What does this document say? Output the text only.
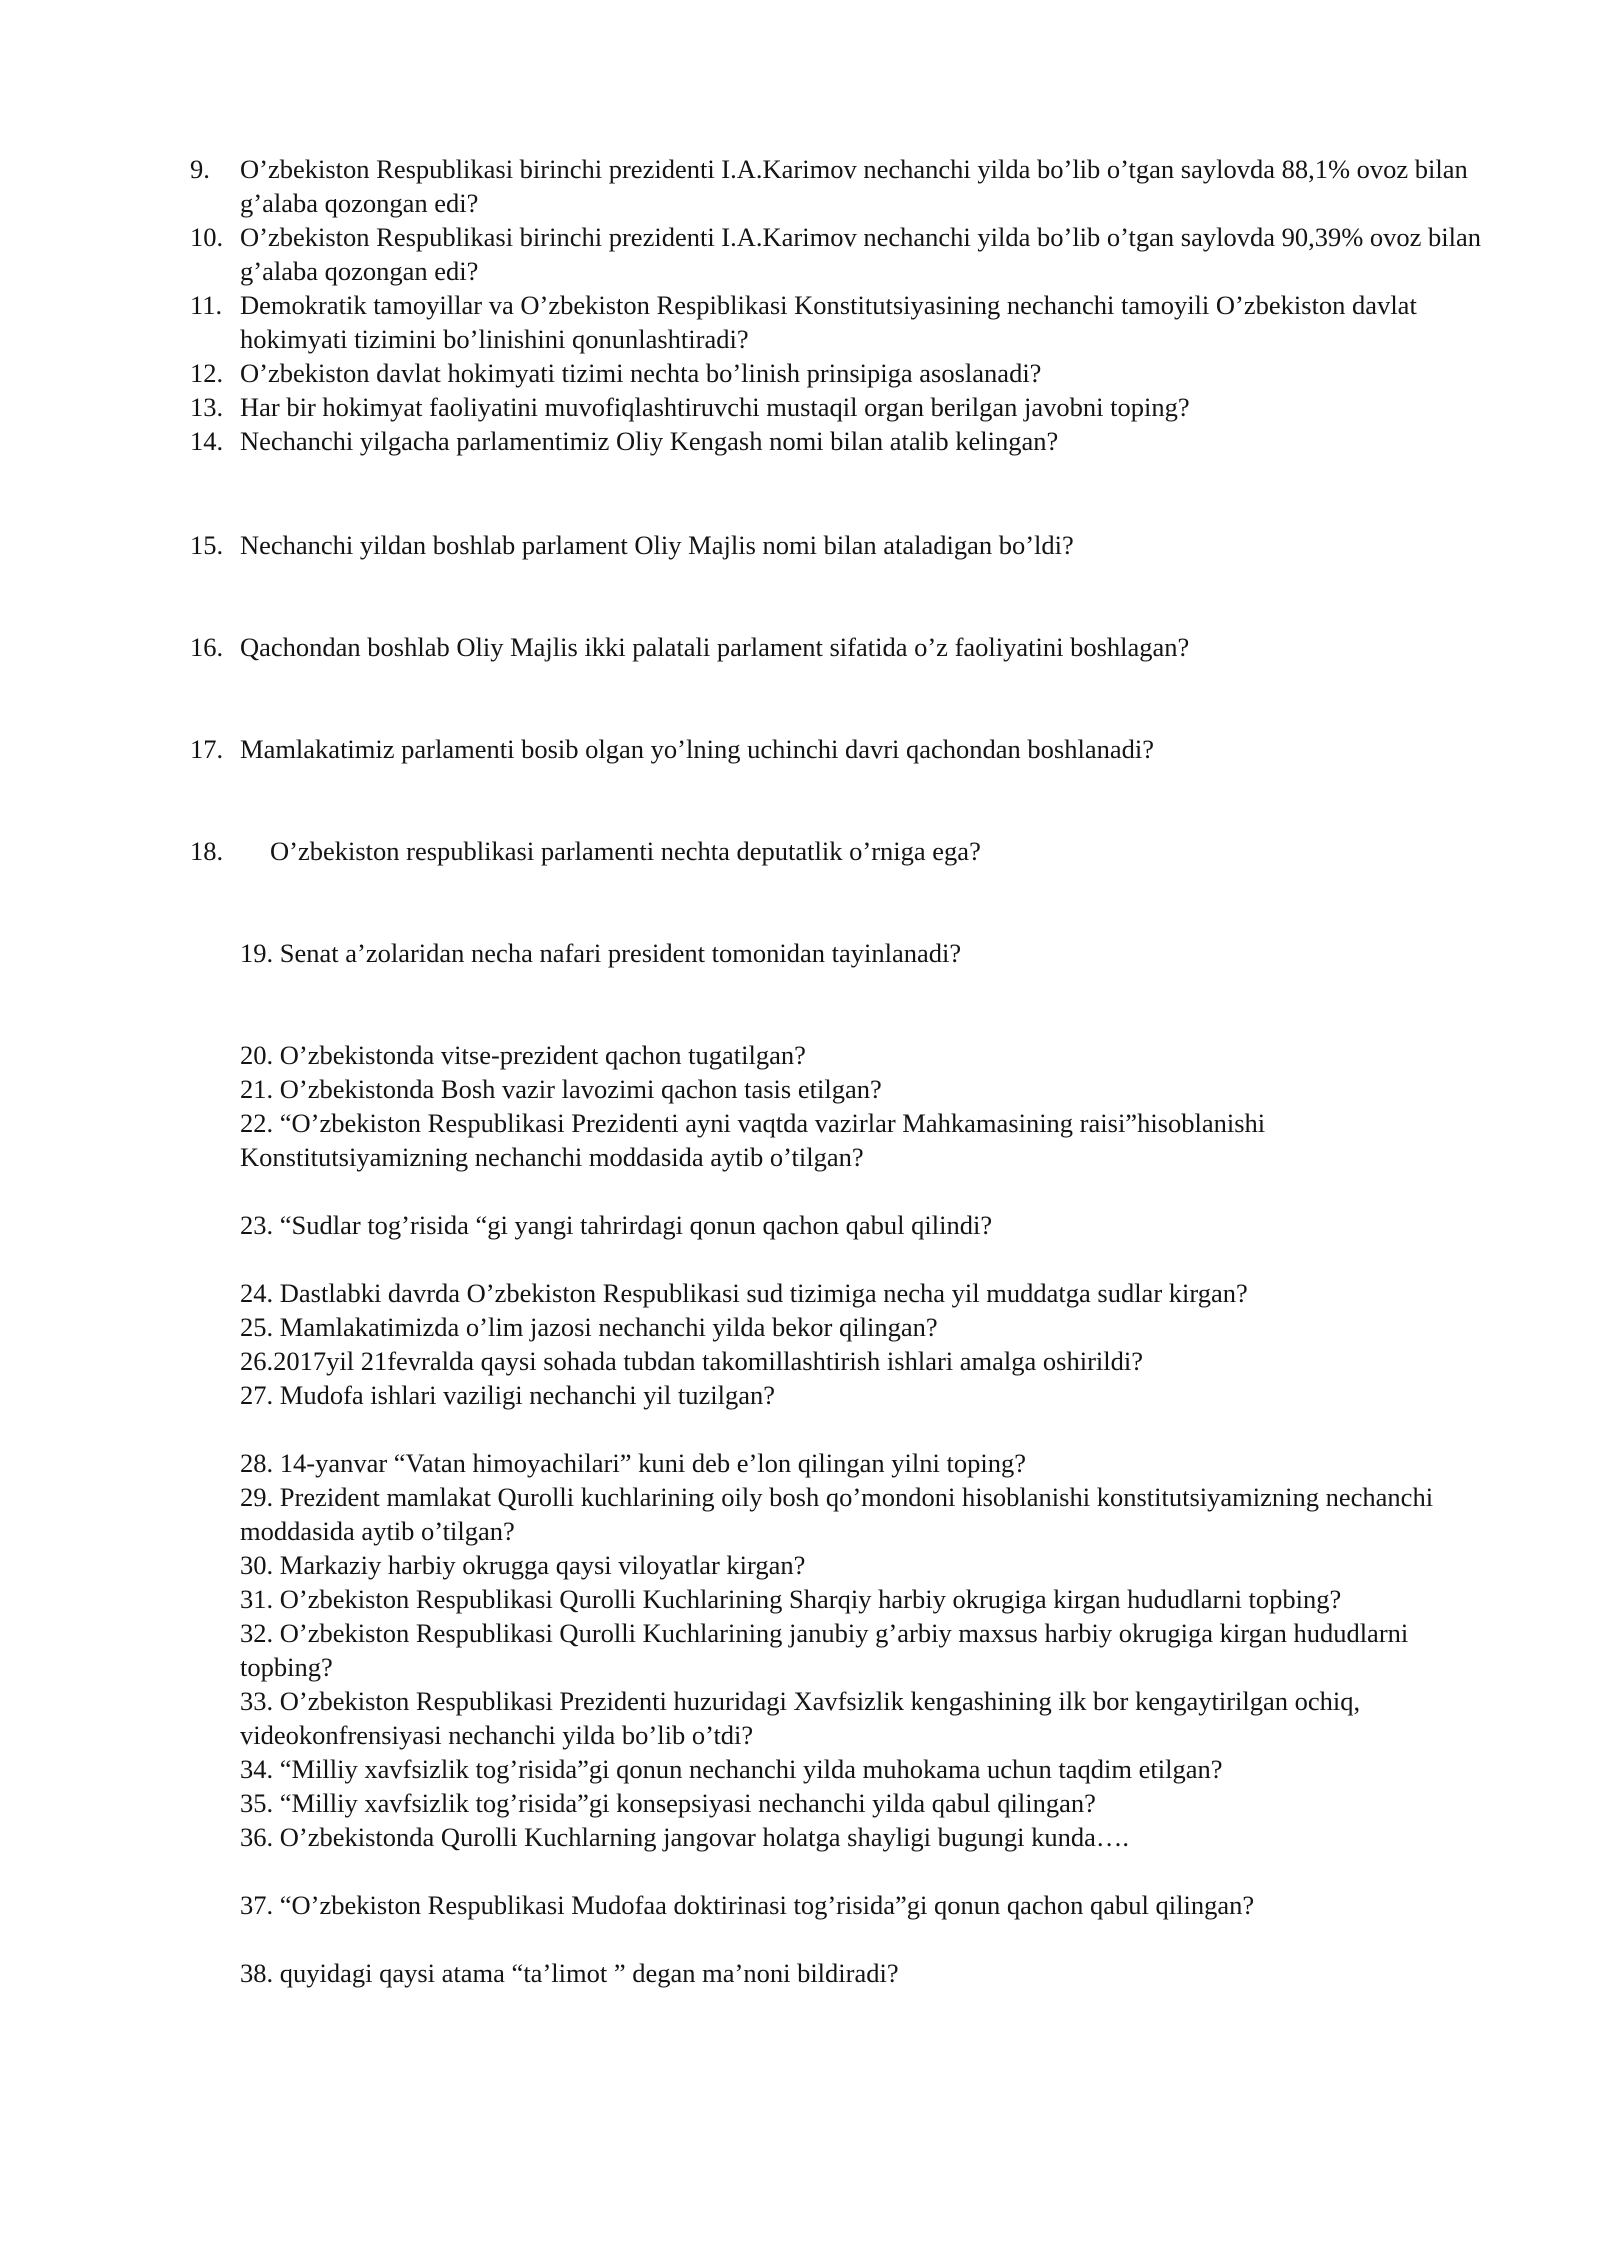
9.	O’zbekiston Respublikasi birinchi prezidenti I.A.Karimov nechanchi yilda bo’lib o’tgan saylovda 88,1% ovoz bilan g’alaba qozongan edi?
10. O’zbekiston Respublikasi birinchi prezidenti I.A.Karimov nechanchi yilda bo’lib o’tgan saylovda 90,39% ovoz bilan g’alaba qozongan edi?
11. Demokratik tamoyillar va O’zbekiston Respiblikasi Konstitutsiyasining nechanchi tamoyili O’zbekiston davlat hokimyati tizimini bo’linishini qonunlashtiradi?
12. O’zbekiston davlat hokimyati tizimi nechta bo’linish prinsipiga asoslanadi?
13. Har bir hokimyat faoliyatini muvofiqlashtiruvchi mustaqil organ berilgan javobni toping?
14. Nechanchi yilgacha parlamentimiz Oliy Kengash nomi bilan atalib kelingan?
15. Nechanchi yildan boshlab parlament Oliy Majlis nomi bilan ataladigan bo’ldi?
16. Qachondan boshlab Oliy Majlis ikki palatali parlament sifatida o’z faoliyatini boshlagan?
17. Mamlakatimiz parlamenti bosib olgan yo’lning uchinchi davri qachondan boshlanadi?
18. O’zbekiston respublikasi parlamenti nechta deputatlik o’rniga ega?
19. Senat a’zolaridan necha nafari president tomonidan tayinlanadi?
20. O’zbekistonda vitse-prezident qachon tugatilgan?
21. O’zbekistonda Bosh vazir lavozimi qachon tasis etilgan?
22. “O’zbekiston Respublikasi Prezidenti ayni vaqtda vazirlar Mahkamasining raisi”hisoblanishi Konstitutsiyamizning nechanchi moddasida aytib o’tilgan?
23. “Sudlar tog’risida “gi yangi tahrirdagi qonun qachon qabul qilindi?
24. Dastlabki davrda O’zbekiston Respublikasi sud tizimiga necha yil muddatga sudlar kirgan?
25. Mamlakatimizda o’lim jazosi nechanchi yilda bekor qilingan?
26.2017yil 21fevralda qaysi sohada tubdan takomillashtirish ishlari amalga oshirildi?
27. Mudofa ishlari vaziligi nechanchi yil tuzilgan?
28. 14-yanvar “Vatan himoyachilari” kuni deb e’lon qilingan yilni toping?
29. Prezident mamlakat Qurolli kuchlarining oily bosh qo’mondoni hisoblanishi konstitutsiyamizning nechanchi moddasida aytib o’tilgan?
30. Markaziy harbiy okrugga qaysi viloyatlar kirgan?
31. O’zbekiston Respublikasi Qurolli Kuchlarining Sharqiy harbiy okrugiga kirgan hududlarni topbing?
32. O’zbekiston Respublikasi Qurolli Kuchlarining janubiy g’arbiy maxsus harbiy okrugiga kirgan hududlarni topbing?
33. O’zbekiston Respublikasi Prezidenti huzuridagi Xavfsizlik kengashining ilk bor kengaytirilgan ochiq, videokonfrensiyasi nechanchi yilda bo’lib o’tdi?
34. “Milliy xavfsizlik tog’risida”gi qonun nechanchi yilda muhokama uchun taqdim etilgan?
35. “Milliy xavfsizlik tog’risida”gi konsepsiyasi nechanchi yilda qabul qilingan?
36. O’zbekistonda Qurolli Kuchlarning jangovar holatga shayligi bugungi kunda….
37. “O’zbekiston Respublikasi Mudofaa doktirinasi tog’risida”gi qonun qachon qabul qilingan?
38. quyidagi qaysi atama “ta’limot ” degan ma’noni bildiradi?
